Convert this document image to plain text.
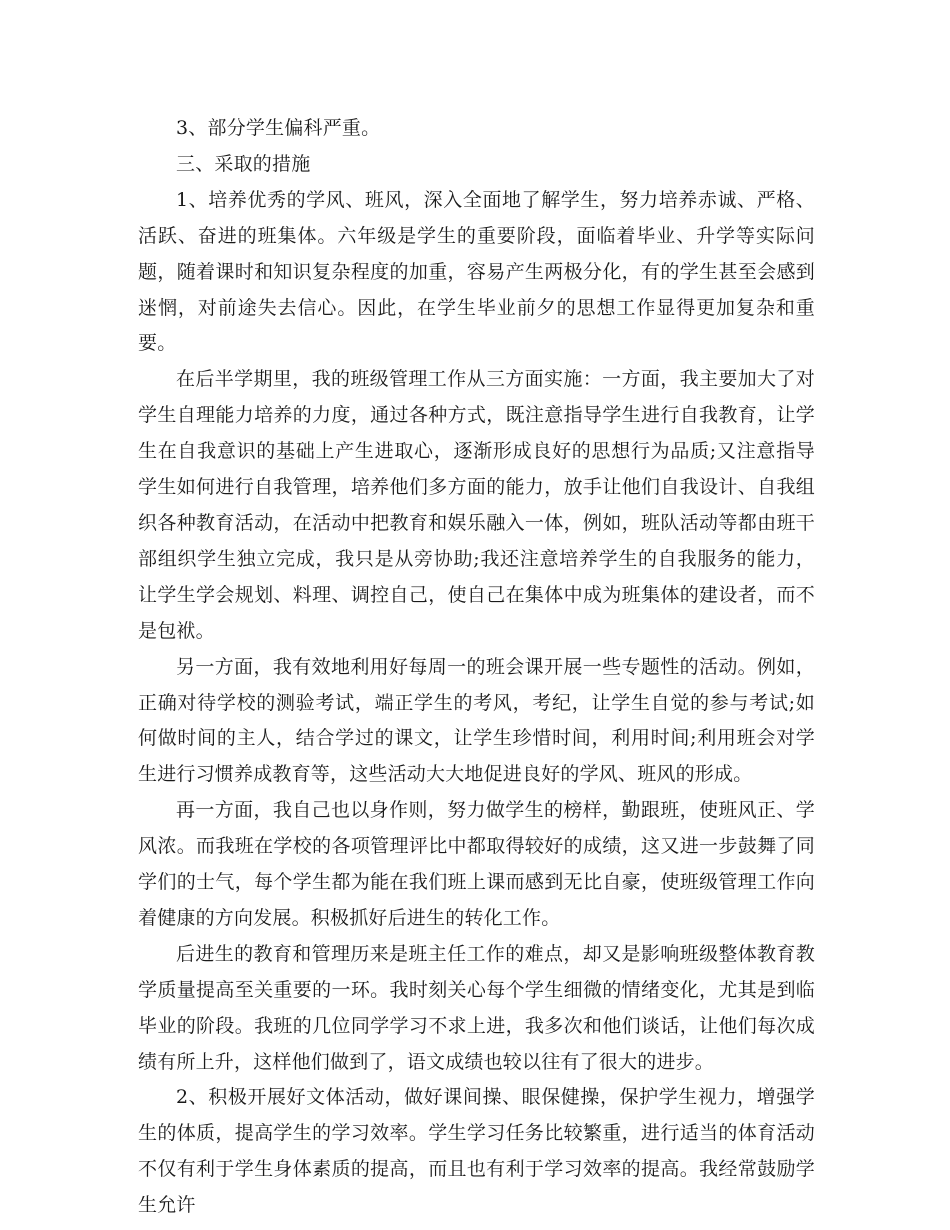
3、部分学生偏科严重。

三、采取的措施

1、培养优秀的学风、班风，深入全面地了解学生，努力培养赤诚、严格、活跃、奋进的班集体。六年级是学生的重要阶段，面临着毕业、升学等实际问题，随着课时和知识复杂程度的加重，容易产生两极分化，有的学生甚至会感到迷惘，对前途失去信心。因此，在学生毕业前夕的思想工作显得更加复杂和重要。

在后半学期里，我的班级管理工作从三方面实施：一方面，我主要加大了对学生自理能力培养的力度，通过各种方式，既注意指导学生进行自我教育，让学生在自我意识的基础上产生进取心，逐渐形成良好的思想行为品质;又注意指导学生如何进行自我管理，培养他们多方面的能力，放手让他们自我设计、自我组织各种教育活动，在活动中把教育和娱乐融入一体，例如，班队活动等都由班干部组织学生独立完成，我只是从旁协助;我还注意培养学生的自我服务的能力，让学生学会规划、料理、调控自己，使自己在集体中成为班集体的建设者，而不是包袱。

另一方面，我有效地利用好每周一的班会课开展一些专题性的活动。例如，正确对待学校的测验考试，端正学生的考风，考纪，让学生自觉的参与考试;如何做时间的主人，结合学过的课文，让学生珍惜时间，利用时间;利用班会对学生进行习惯养成教育等，这些活动大大地促进良好的学风、班风的形成。

再一方面，我自己也以身作则，努力做学生的榜样，勤跟班，使班风正、学风浓。而我班在学校的各项管理评比中都取得较好的成绩，这又进一步鼓舞了同学们的士气，每个学生都为能在我们班上课而感到无比自豪，使班级管理工作向着健康的方向发展。积极抓好后进生的转化工作。

后进生的教育和管理历来是班主任工作的难点，却又是影响班级整体教育教学质量提高至关重要的一环。我时刻关心每个学生细微的情绪变化，尤其是到临毕业的阶段。我班的几位同学学习不求上进，我多次和他们谈话，让他们每次成绩有所上升，这样他们做到了，语文成绩也较以往有了很大的进步。

2、积极开展好文体活动，做好课间操、眼保健操，保护学生视力，增强学生的体质，提高学生的学习效率。学生学习任务比较繁重，进行适当的体育活动不仅有利于学生身体素质的提高，而且也有利于学习效率的提高。我经常鼓励学生允许
